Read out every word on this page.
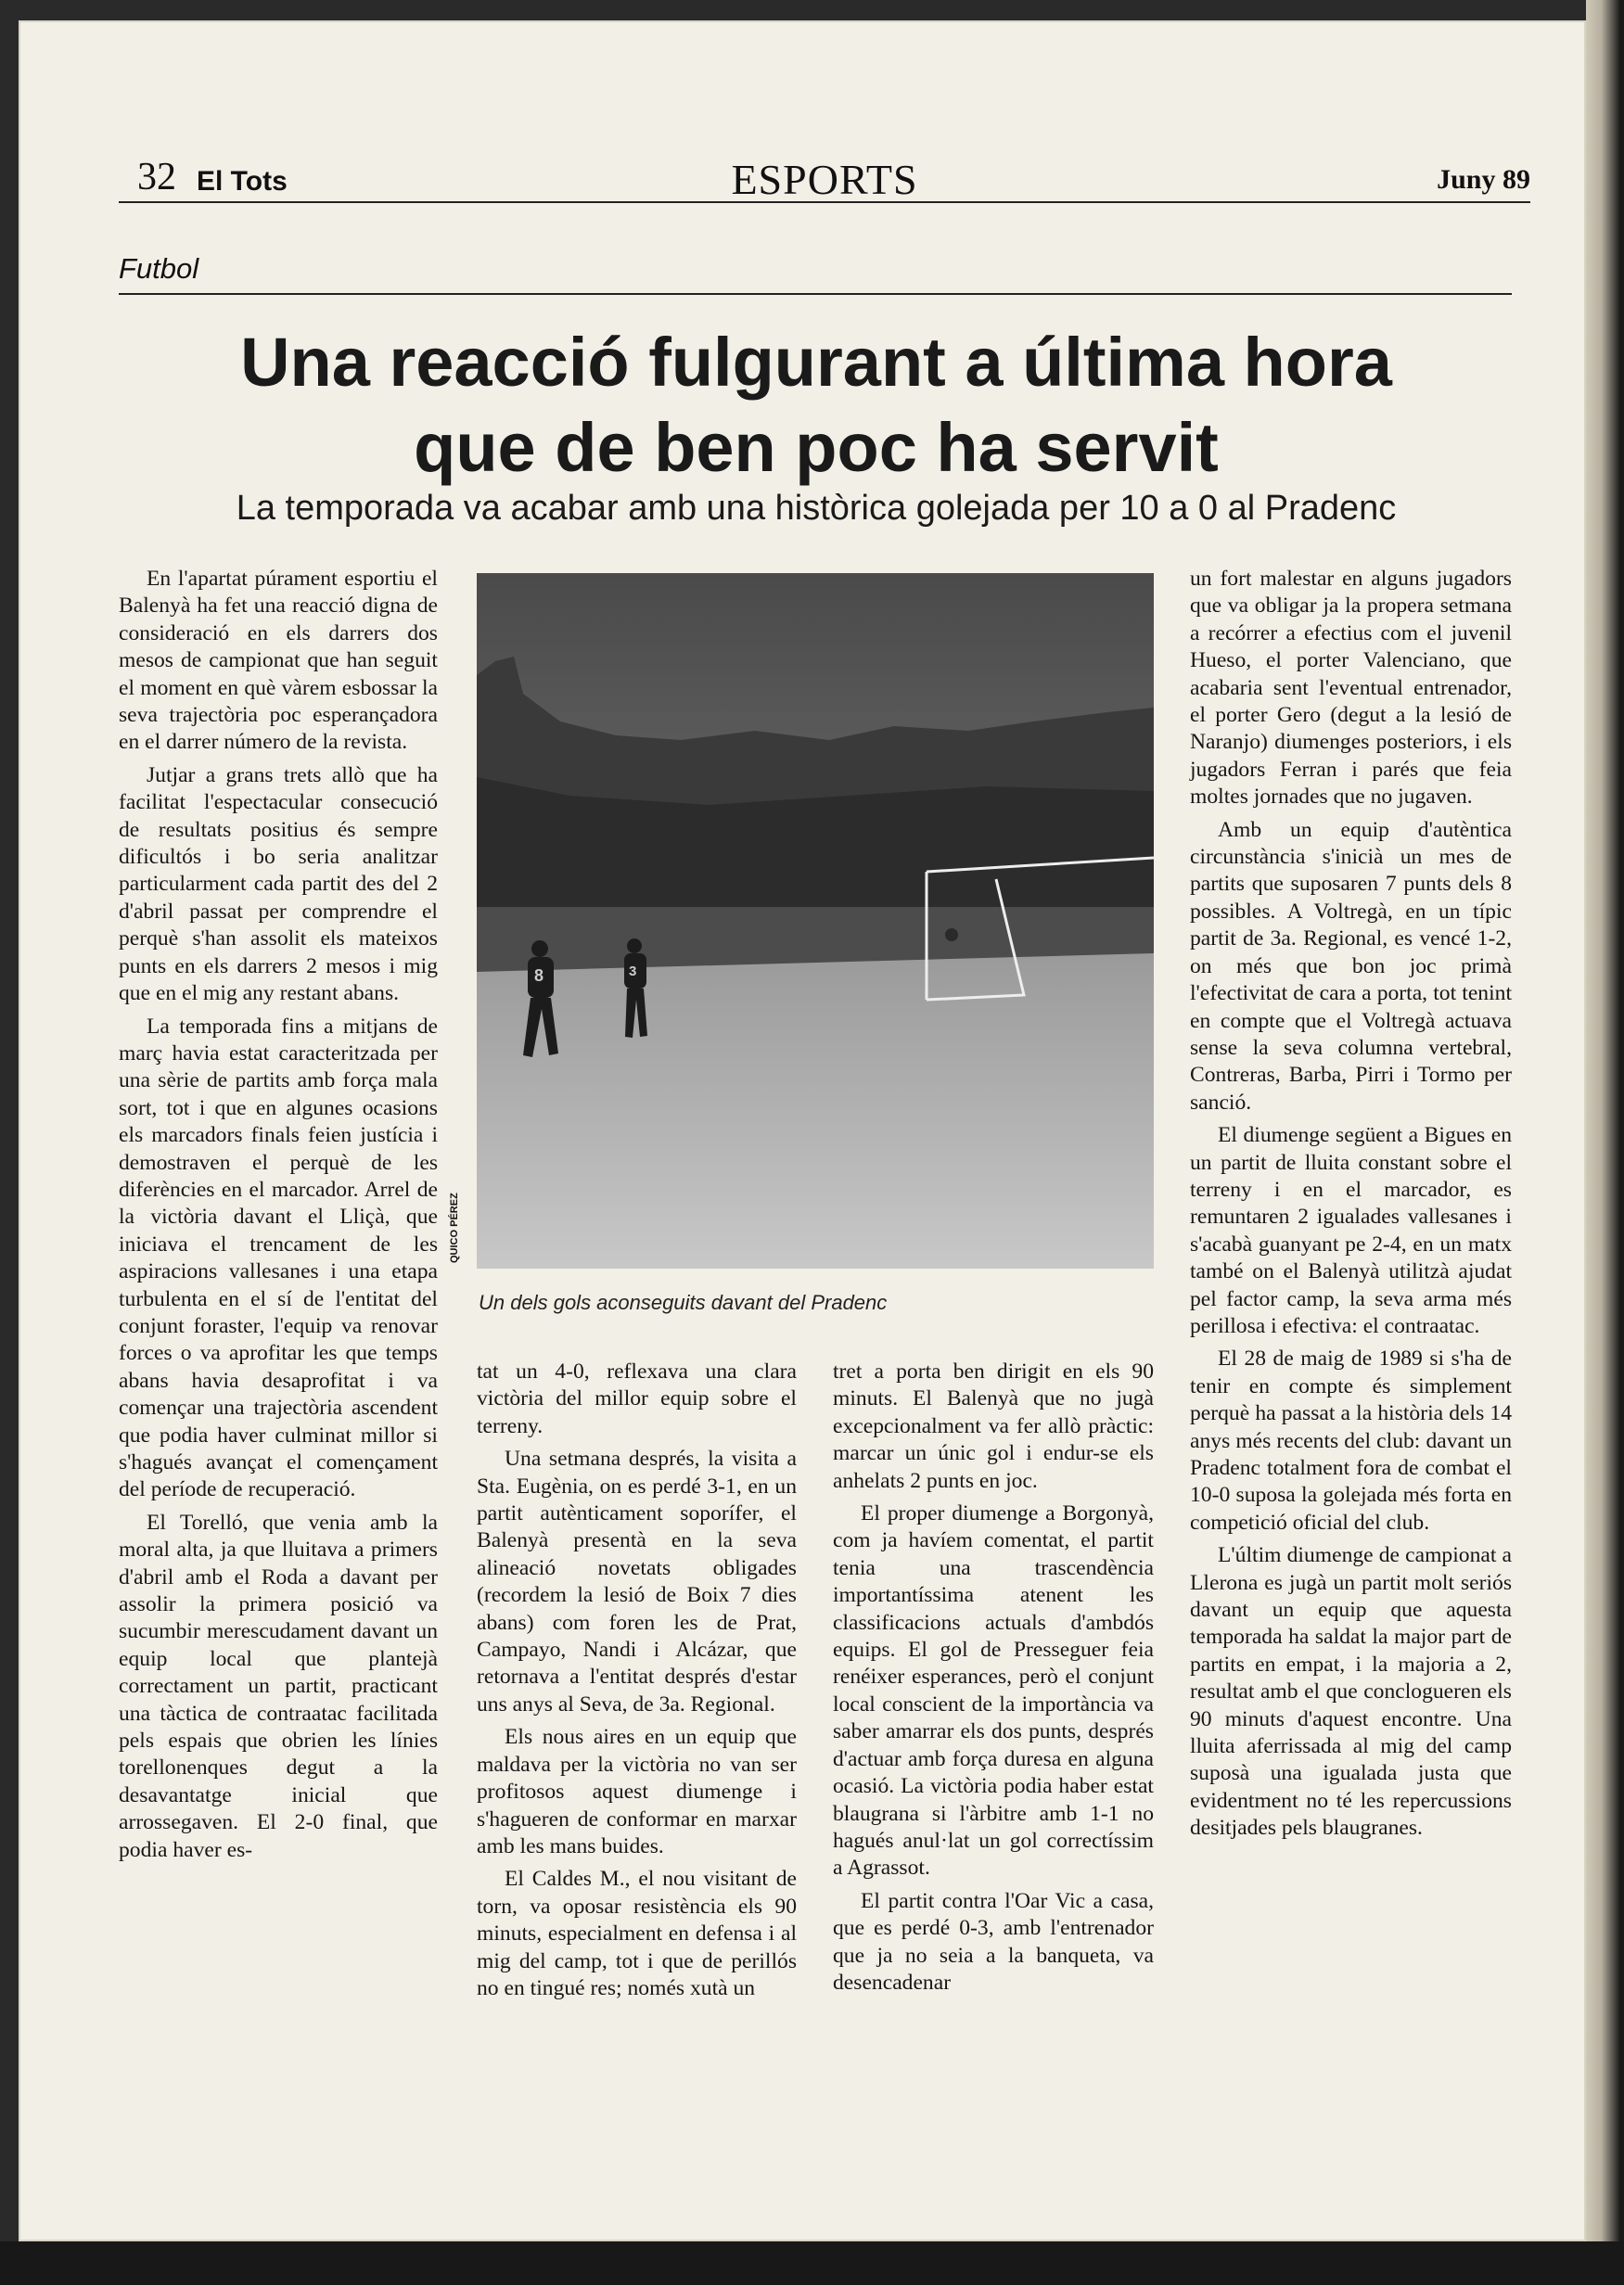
32 El Tots	ESPORTS	Juny 89
Futbol
Una reacció fulgurant a última hora
que de ben poc ha servit
La temporada va acabar amb una històrica golejada per 10 a 0 al Pradenc

En l'apartat púrament esportiu el Balenyà ha fet una reacció digna de consideració en els darrers dos mesos de campionat que han seguit el moment en què vàrem esbossar la seva trajectòria poc esperançadora en el darrer número de la revista.

Jutjar a grans trets allò que ha facilitat l'espectacular consecució de resultats positius és sempre dificultós i bo seria analitzar particularment cada partit des del 2 d'abril passat per comprendre el perquè s'han assolit els mateixos punts en els darrers 2 mesos i mig que en el mig any restant abans.

La temporada fins a mitjans de març havia estat caracteritzada per una sèrie de partits amb força mala sort, tot i que en algunes ocasions els marcadors finals feien justícia i demostraven el perquè de les diferències en el marcador. Arrel de la victòria davant el Lliçà, que iniciava el trencament de les aspiracions vallesanes i una etapa turbulenta en el sí de l'entitat del conjunt foraster, l'equip va renovar forces o va aprofitar les que temps abans havia desaprofitat i va començar una trajectòria ascendent que podia haver culminat millor si s'hagués avançat el començament del període de recuperació.

El Torelló, que venia amb la moral alta, ja que lluitava a primers d'abril amb el Roda a davant per assolir la primera posició va sucumbir merescudament davant un equip local que plantejà correctament un partit, practicant una tàctica de contraatac facilitada pels espais que obrien les línies torellonenques degut a la desavantatge inicial que arrossegaven. El 2-0 final, que podia haver es-

8	3
QUICO PÉREZ
Un dels gols aconseguits davant del Pradenc

tat un 4-0, reflexava una clara victòria del millor equip sobre el terreny.

Una setmana després, la visita a Sta. Eugènia, on es perdé 3-1, en un partit autènticament soporífer, el Balenyà presentà en la seva alineació novetats obligades (recordem la lesió de Boix 7 dies abans) com foren les de Prat, Campayo, Nandi i Alcázar, que retornava a l'entitat després d'estar uns anys al Seva, de 3a. Regional.

Els nous aires en un equip que maldava per la victòria no van ser profitosos aquest diumenge i s'hagueren de conformar en marxar amb les mans buides.

El Caldes M., el nou visitant de torn, va oposar resistència els 90 minuts, especialment en defensa i al mig del camp, tot i que de perillós no en tingué res; només xutà un

tret a porta ben dirigit en els 90 minuts. El Balenyà que no jugà excepcionalment va fer allò pràctic: marcar un únic gol i endur-se els anhelats 2 punts en joc.

El proper diumenge a Borgonyà, com ja havíem comentat, el partit tenia una trascendència importantíssima atenent les classificacions actuals d'ambdós equips. El gol de Presseguer feia renéixer esperances, però el conjunt local conscient de la importància va saber amarrar els dos punts, després d'actuar amb força duresa en alguna ocasió. La victòria podia haber estat blaugrana si l'àrbitre amb 1-1 no hagués anul·lat un gol correctíssim a Agrassot.

El partit contra l'Oar Vic a casa, que es perdé 0-3, amb l'entrenador que ja no seia a la banqueta, va desencadenar

un fort malestar en alguns jugadors que va obligar ja la propera setmana a recórrer a efectius com el juvenil Hueso, el porter Valenciano, que acabaria sent l'eventual entrenador, el porter Gero (degut a la lesió de Naranjo) diumenges posteriors, i els jugadors Ferran i parés que feia moltes jornades que no jugaven.

Amb un equip d'autèntica circunstància s'inicià un mes de partits que suposaren 7 punts dels 8 possibles. A Voltregà, en un típic partit de 3a. Regional, es vencé 1-2, on més que bon joc primà l'efectivitat de cara a porta, tot tenint en compte que el Voltregà actuava sense la seva columna vertebral, Contreras, Barba, Pirri i Tormo per sanció.

El diumenge següent a Bigues en un partit de lluita constant sobre el terreny i en el marcador, es remuntaren 2 igualades vallesanes i s'acabà guanyant pe 2-4, en un matx també on el Balenyà utilitzà ajudat pel factor camp, la seva arma més perillosa i efectiva: el contraatac.

El 28 de maig de 1989 si s'ha de tenir en compte és simplement perquè ha passat a la història dels 14 anys més recents del club: davant un Pradenc totalment fora de combat el 10-0 suposa la golejada més forta en competició oficial del club.

L'últim diumenge de campionat a Llerona es jugà un partit molt seriós davant un equip que aquesta temporada ha saldat la major part de partits en empat, i la majoria a 2, resultat amb el que conclogueren els 90 minuts d'aquest encontre. Una lluita aferrissada al mig del camp suposà una igualada justa que evidentment no té les repercussions desitjades pels blaugranes.
